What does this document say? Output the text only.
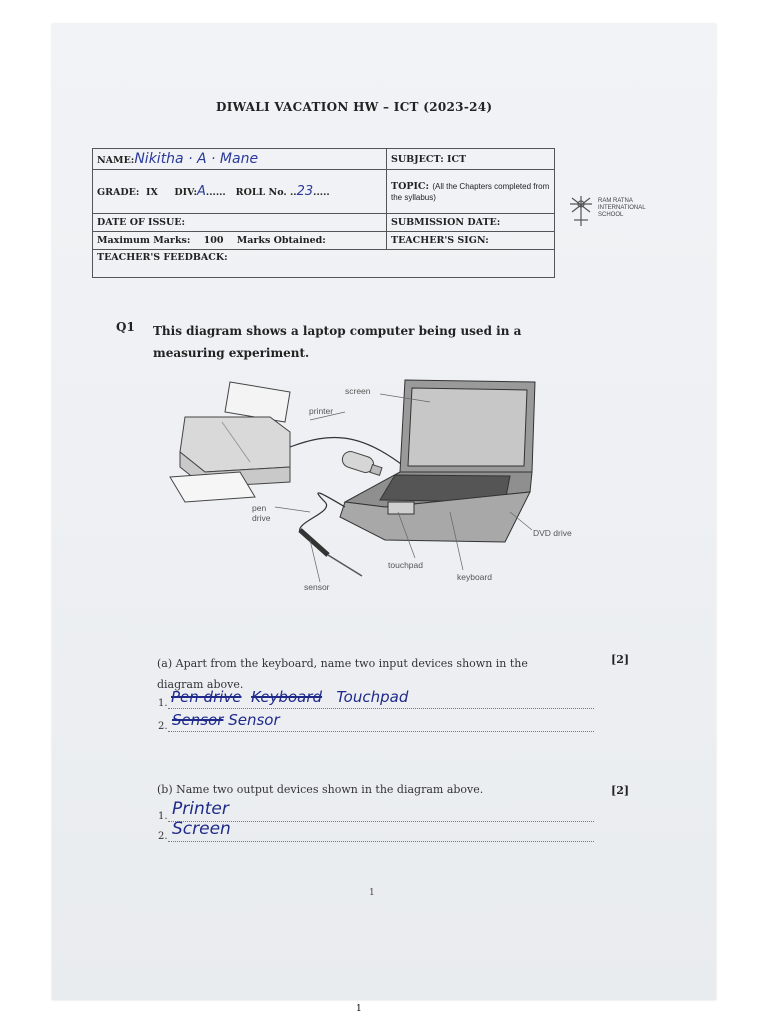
DIWALI VACATION HW – ICT (2023-24)
NAME:Nikitha · A · Mane	SUBJECT: ICT
GRADE: IX DIV:A......   ROLL No. ..23.....	TOPIC: (All the Chapters completed from the syllabus)
DATE OF ISSUE:	SUBMISSION DATE:
Maximum Marks: 100 Marks Obtained:	TEACHER'S SIGN:
TEACHER'S FEEDBACK:	
RAM RATNA
INTERNATIONAL
SCHOOL
Q1 This diagram shows a laptop computer being used in a measuring experiment.
screen
printer
pen drive
DVD drive
touchpad
keyboard
sensor
(a) Apart from the keyboard, name two input devices shown in the diagram above.
[2]
1. Pen drive Keyboard Touchpad
2. Sensor Sensor
(b) Name two output devices shown in the diagram above.	[2]
1. Printer
2. Screen
1
1
